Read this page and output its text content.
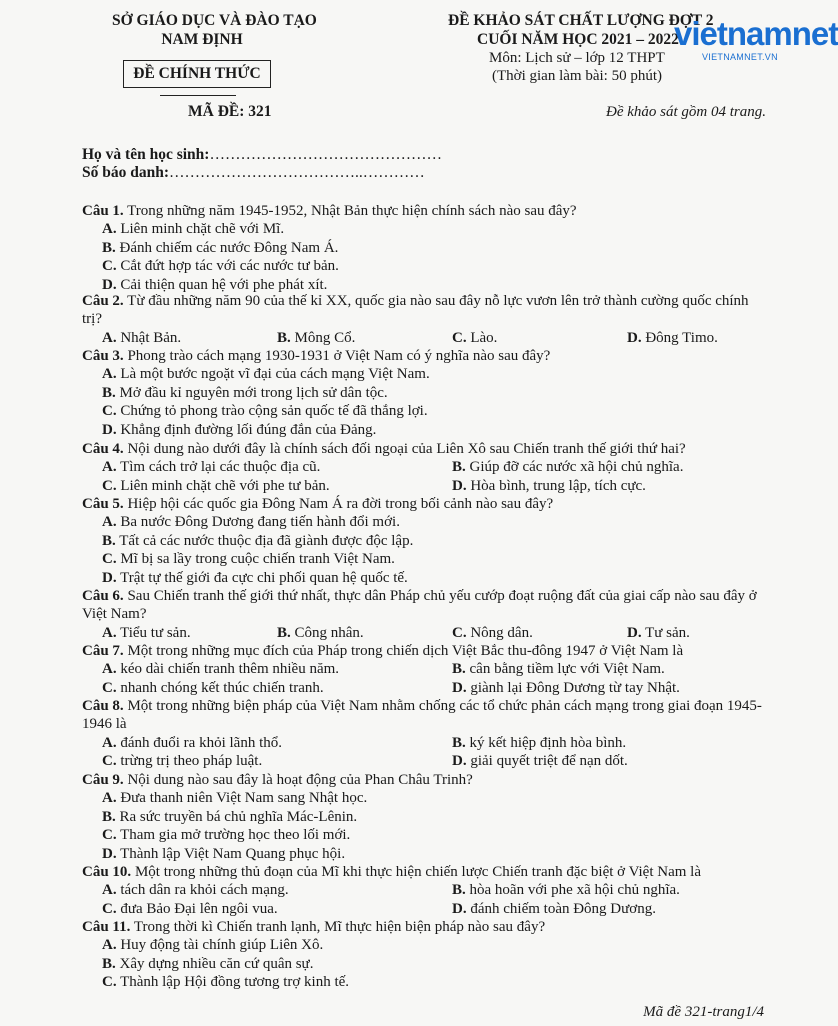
SỞ GIÁO DỤC VÀ ĐÀO TẠO
NAM ĐỊNH
ĐỀ CHÍNH THỨC
MÃ ĐỀ: 321
ĐỀ KHẢO SÁT CHẤT LƯỢNG ĐỢT 2
CUỐI NĂM HỌC 2021 – 2022
Môn: Lịch sử – lớp 12 THPT
(Thời gian làm bài: 50 phút)
Đề khảo sát gồm 04 trang.
vietnamnet
VIETNAMNET.VN
Họ và tên học sinh:………………………………………
Số báo danh:………………………………..…………
Câu 1. Trong những năm 1945-1952, Nhật Bản thực hiện chính sách nào sau đây?
A. Liên minh chặt chẽ với Mĩ.
B. Đánh chiếm các nước Đông Nam Á.
C. Cắt đứt hợp tác với các nước tư bản.
D. Cải thiện quan hệ với phe phát xít.
Câu 2. Từ đầu những năm 90 của thế kỉ XX, quốc gia nào sau đây nỗ lực vươn lên trở thành cường quốc chính trị?
A. Nhật Bản.	B. Mông Cổ.	C. Lào.	D. Đông Timo.
Câu 3. Phong trào cách mạng 1930-1931 ở Việt Nam có ý nghĩa nào sau đây?
A. Là một bước ngoặt vĩ đại của cách mạng Việt Nam.
B. Mở đầu kỉ nguyên mới trong lịch sử dân tộc.
C. Chứng tỏ phong trào cộng sản quốc tế đã thắng lợi.
D. Khẳng định đường lối đúng đắn của Đảng.
Câu 4. Nội dung nào dưới đây là chính sách đối ngoại của Liên Xô sau Chiến tranh thế giới thứ hai?
A. Tìm cách trở lại các thuộc địa cũ.	B. Giúp đỡ các nước xã hội chủ nghĩa.
C. Liên minh chặt chẽ với phe tư bản.	D. Hòa bình, trung lập, tích cực.
Câu 5. Hiệp hội các quốc gia Đông Nam Á ra đời trong bối cảnh nào sau đây?
A. Ba nước Đông Dương đang tiến hành đổi mới.
B. Tất cả các nước thuộc địa đã giành được độc lập.
C. Mĩ bị sa lầy trong cuộc chiến tranh Việt Nam.
D. Trật tự thế giới đa cực chi phối quan hệ quốc tế.
Câu 6. Sau Chiến tranh thế giới thứ nhất, thực dân Pháp chủ yếu cướp đoạt ruộng đất của giai cấp nào sau đây ở Việt Nam?
A. Tiểu tư sản.	B. Công nhân.	C. Nông dân.	D. Tư sản.
Câu 7. Một trong những mục đích của Pháp trong chiến dịch Việt Bắc thu-đông 1947 ở Việt Nam là
A. kéo dài chiến tranh thêm nhiều năm.	B. cân bằng tiềm lực với Việt Nam.
C. nhanh chóng kết thúc chiến tranh.	D. giành lại Đông Dương từ tay Nhật.
Câu 8. Một trong những biện pháp của Việt Nam nhằm chống các tổ chức phản cách mạng trong giai đoạn 1945-1946 là
A. đánh đuổi ra khỏi lãnh thổ.	B. ký kết hiệp định hòa bình.
C. trừng trị theo pháp luật.	D. giải quyết triệt để nạn dốt.
Câu 9. Nội dung nào sau đây là hoạt động của Phan Châu Trinh?
A. Đưa thanh niên Việt Nam sang Nhật học.
B. Ra sức truyền bá chủ nghĩa Mác-Lênin.
C. Tham gia mở trường học theo lối mới.
D. Thành lập Việt Nam Quang phục hội.
Câu 10. Một trong những thủ đoạn của Mĩ khi thực hiện chiến lược Chiến tranh đặc biệt ở Việt Nam là
A. tách dân ra khỏi cách mạng.	B. hòa hoãn với phe xã hội chủ nghĩa.
C. đưa Bảo Đại lên ngôi vua.	D. đánh chiếm toàn Đông Dương.
Câu 11. Trong thời kì Chiến tranh lạnh, Mĩ thực hiện biện pháp nào sau đây?
A. Huy động tài chính giúp Liên Xô.
B. Xây dựng nhiều căn cứ quân sự.
C. Thành lập Hội đồng tương trợ kinh tế.
Mã đề 321-trang1/4
